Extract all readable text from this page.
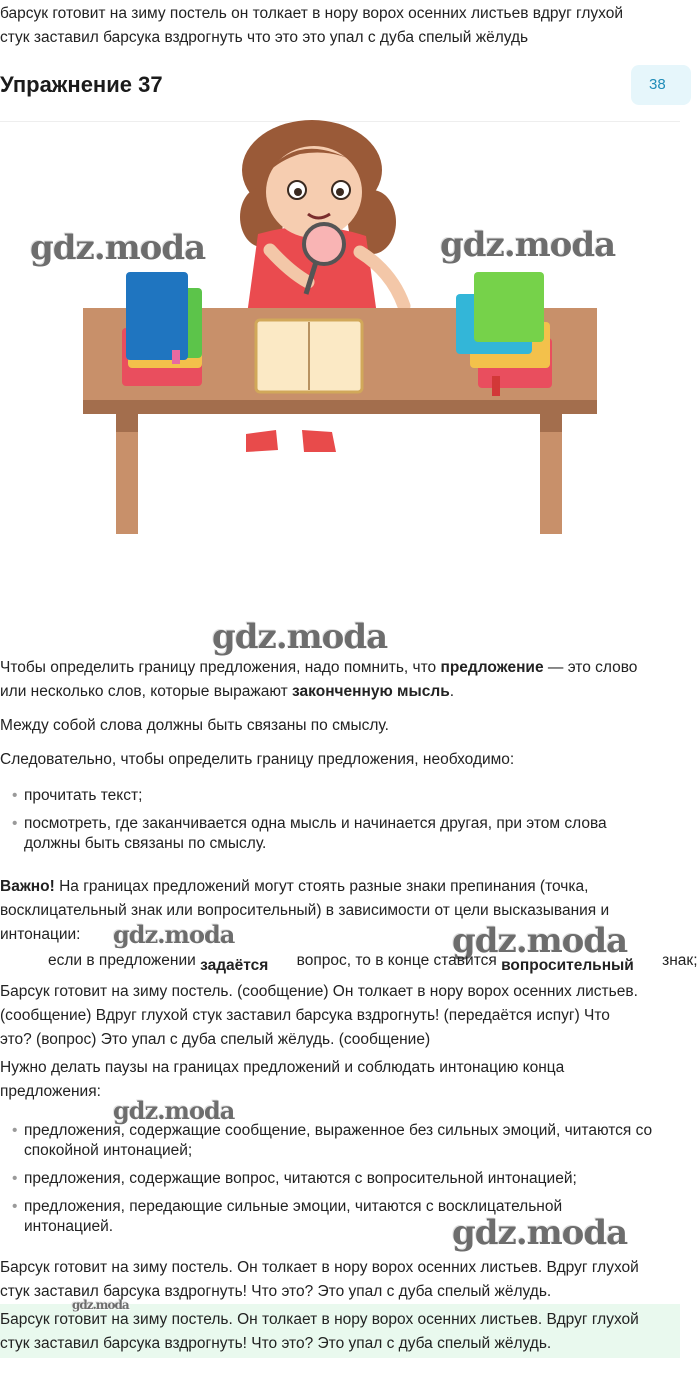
барсук готовит на зиму постель он толкает в нору ворох осенних листьев вдруг глухой
стук заставил барсука вздрогнуть что это это упал с дуба спелый жёлудь
Упражнение 37	38
gdz.moda	gdz.moda
gdz.moda
Чтобы определить границу предложения, надо помнить, что предложение — это слово
или несколько слов, которые выражают законченную мысль.
Между собой слова должны быть связаны по смыслу.
Следовательно, чтобы определить границу предложения, необходимо:
• прочитать текст;
• посмотреть, где заканчивается одна мысль и начинается другая, при этом слова должны быть связаны по смыслу.
Важно! На границах предложений могут стоять разные знаки препинания (точка,
восклицательный знак или вопросительный) в зависимости от цели высказывания и
интонации:	gdz.moda	gdz.moda
если в предложении задаётся вопрос, то в конце ставится вопросительный знак;
Барсук готовит на зиму постель. (сообщение) Он толкает в нору ворох осенних листьев.
(сообщение) Вдруг глухой стук заставил барсука вздрогнуть! (передаётся испуг) Что
это? (вопрос) Это упал с дуба спелый жёлудь. (сообщение)
Нужно делать паузы на границах предложений и соблюдать интонацию конца
предложения:
gdz.moda
• предложения, содержащие сообщение, выраженное без сильных эмоций, читаются со спокойной интонацией;
• предложения, содержащие вопрос, читаются с вопросительной интонацией;
• предложения, передающие сильные эмоции, читаются с восклицательной интонацией.	gdz.moda
Барсук готовит на зиму постель. Он толкает в нору ворох осенних листьев. Вдруг глухой
стук заставил барсука вздрогнуть! Что это? Это упал с дуба спелый жёлудь.
Барсук готовит на зиму постель. Он толкает в нору ворох осенних листьев. Вдруг глухой
стук заставил барсука вздрогнуть! Что это? Это упал с дуба спелый жёлудь.
gdz.moda
